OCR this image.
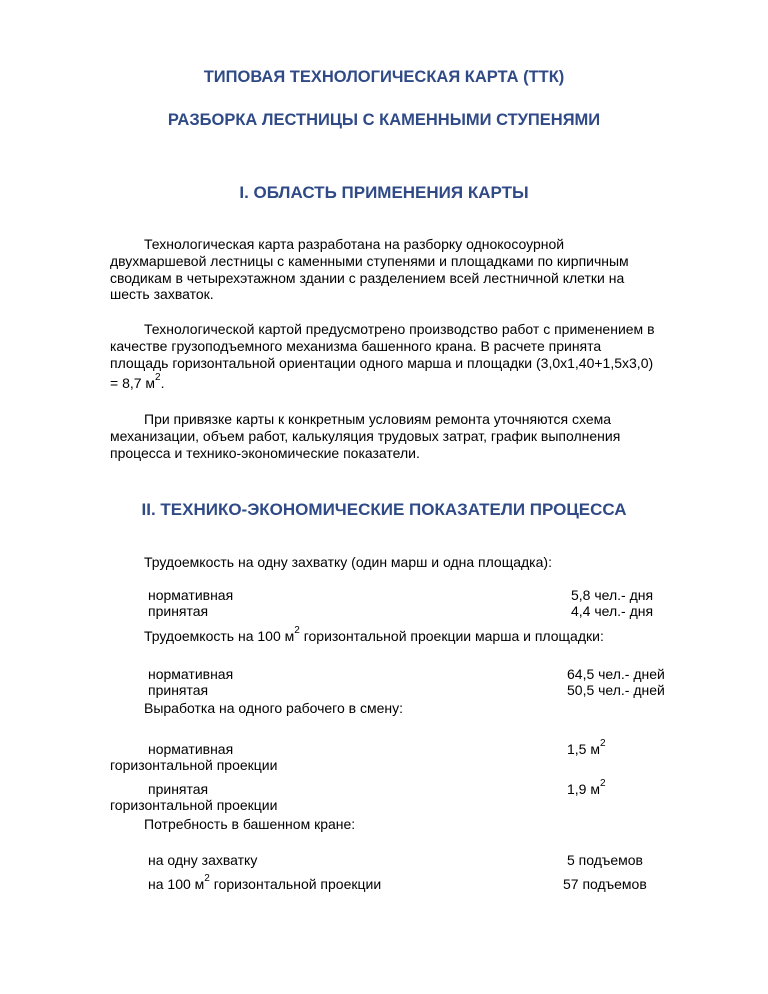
ТИПОВАЯ ТЕХНОЛОГИЧЕСКАЯ КАРТА (ТТК)
РАЗБОРКА ЛЕСТНИЦЫ С КАМЕННЫМИ СТУПЕНЯМИ
I. ОБЛАСТЬ ПРИМЕНЕНИЯ КАРТЫ
Технологическая карта разработана на разборку однокосоурной
двухмаршевой лестницы с каменными ступенями и площадками по кирпичным
сводикам в четырехэтажном здании с разделением всей лестничной клетки на
шесть захваток.
Технологической картой предусмотрено производство работ с применением в
качестве грузоподъемного механизма башенного крана. В расчете принята
площадь горизонтальной ориентации одного марша и площадки (3,0x1,40+1,5x3,0)
= 8,7 $м^2$.
При привязке карты к конкретным условиям ремонта уточняются схема
механизации, объем работ, калькуляция трудовых затрат, график выполнения
процесса и технико-экономические показатели.
II. ТЕХНИКО-ЭКОНОМИЧЕСКИЕ ПОКАЗАТЕЛИ ПРОЦЕССА
Трудоемкость на одну захватку (один марш и одна площадка):
нормативная	5,8 чел.- дня
принятая	4,4 чел.- дня
Трудоемкость на 100 $м^2$ горизонтальной проекции марша и площадки:
нормативная	64,5 чел.- дней
принятая	50,5 чел.- дней
Выработка на одного рабочего в смену:
нормативная	1,5 $м^2$
горизонтальной проекции
принятая	1,9 $м^2$
горизонтальной проекции
Потребность в башенном кране:
на одну захватку	5 подъемов
на 100 $м^2$ горизонтальной проекции	57 подъемов
